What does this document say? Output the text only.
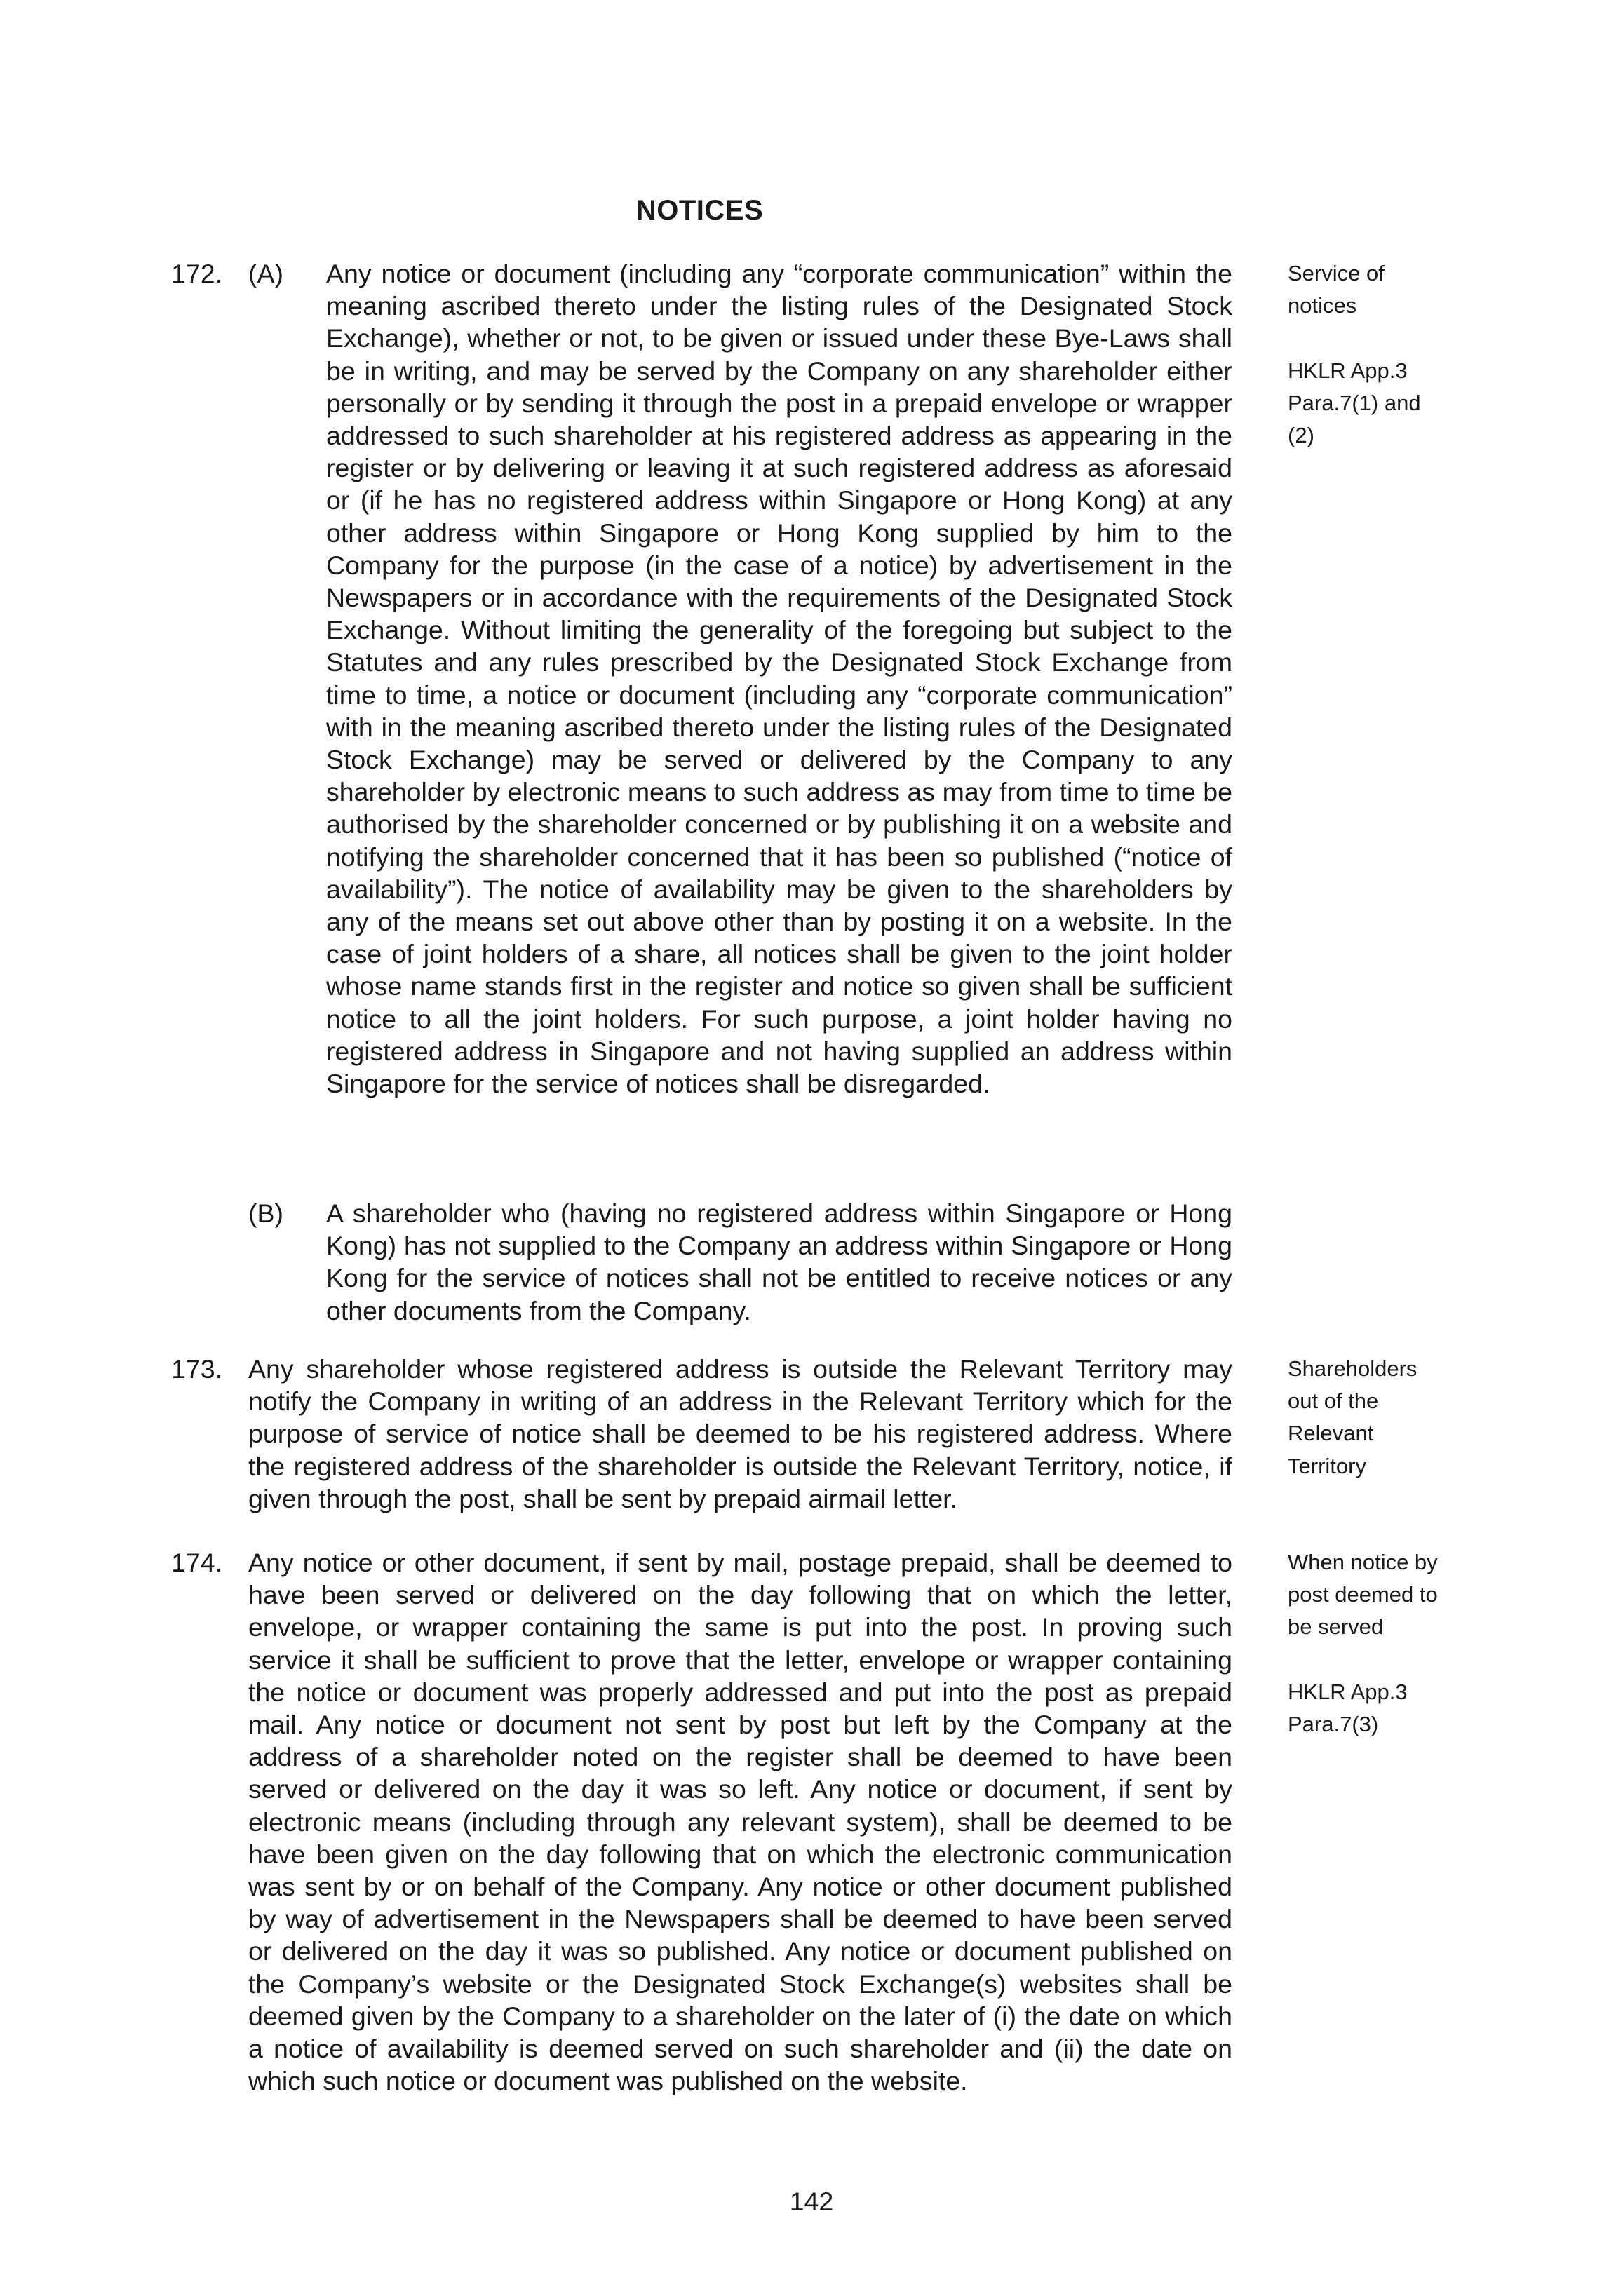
NOTICES
172. (A) Any notice or document (including any “corporate communication” within the meaning ascribed thereto under the listing rules of the Designated Stock Exchange), whether or not, to be given or issued under these Bye-Laws shall be in writing, and may be served by the Company on any shareholder either personally or by sending it through the post in a prepaid envelope or wrapper addressed to such shareholder at his registered address as appearing in the register or by delivering or leaving it at such registered address as aforesaid or (if he has no registered address within Singapore or Hong Kong) at any other address within Singapore or Hong Kong supplied by him to the Company for the purpose (in the case of a notice) by advertisement in the Newspapers or in accordance with the requirements of the Designated Stock Exchange. Without limiting the generality of the foregoing but subject to the Statutes and any rules prescribed by the Designated Stock Exchange from time to time, a notice or document (including any “corporate communication” with in the meaning ascribed thereto under the listing rules of the Designated Stock Exchange) may be served or delivered by the Company to any shareholder by electronic means to such address as may from time to time be authorised by the shareholder concerned or by publishing it on a website and notifying the shareholder concerned that it has been so published (“notice of availability”). The notice of availability may be given to the shareholders by any of the means set out above other than by posting it on a website. In the case of joint holders of a share, all notices shall be given to the joint holder whose name stands first in the register and notice so given shall be sufficient notice to all the joint holders. For such purpose, a joint holder having no registered address in Singapore and not having supplied an address within Singapore for the service of notices shall be disregarded.
(B) A shareholder who (having no registered address within Singapore or Hong Kong) has not supplied to the Company an address within Singapore or Hong Kong for the service of notices shall not be entitled to receive notices or any other documents from the Company.
Service of
notices
HKLR App.3
Para.7(1) and
(2)
173. Any shareholder whose registered address is outside the Relevant Territory may notify the Company in writing of an address in the Relevant Territory which for the purpose of service of notice shall be deemed to be his registered address. Where the registered address of the shareholder is outside the Relevant Territory, notice, if given through the post, shall be sent by prepaid airmail letter.
Shareholders
out of the
Relevant
Territory
174. Any notice or other document, if sent by mail, postage prepaid, shall be deemed to have been served or delivered on the day following that on which the letter, envelope, or wrapper containing the same is put into the post. In proving such service it shall be sufficient to prove that the letter, envelope or wrapper containing the notice or document was properly addressed and put into the post as prepaid mail. Any notice or document not sent by post but left by the Company at the address of a shareholder noted on the register shall be deemed to have been served or delivered on the day it was so left. Any notice or document, if sent by electronic means (including through any relevant system), shall be deemed to be have been given on the day following that on which the electronic communication was sent by or on behalf of the Company. Any notice or other document published by way of advertisement in the Newspapers shall be deemed to have been served or delivered on the day it was so published. Any notice or document published on the Company’s website or the Designated Stock Exchange(s) websites shall be deemed given by the Company to a shareholder on the later of (i) the date on which a notice of availability is deemed served on such shareholder and (ii) the date on which such notice or document was published on the website.
When notice by
post deemed to
be served
HKLR App.3
Para.7(3)
142
